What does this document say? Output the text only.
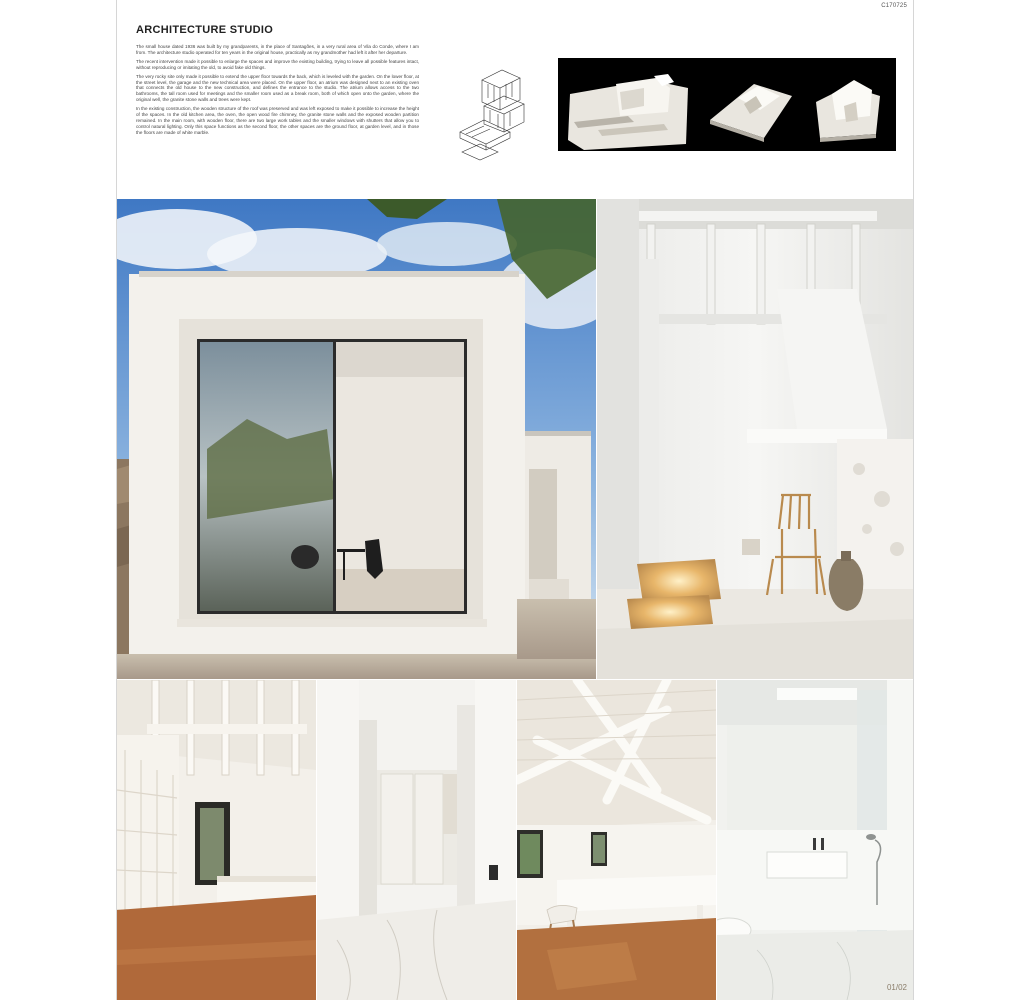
C170725
ARCHITECTURE STUDIO

The small house dated 1936 was built by my grandparents, in the place of Santagões, in a very rural area of Vila do Conde, where I am from. The architecture studio operated for ten years in the original house, practically as my grandmother had left it after her departure.

The recent intervention made it possible to enlarge the spaces and improve the existing building, trying to leave all possible features intact, without reproducing or imitating the old, to avoid fake old things.

The very rocky site only made it possible to extend the upper floor towards the back, which is leveled with the garden. On the lower floor, at the street level, the garage and the new technical area were placed. On the upper floor, an atrium was designed next to an existing oven that connects the old house to the new construction, and defines the entrance to the studio. The atrium allows access to the two bathrooms, the tall room used for meetings and the smaller room used as a break room, both of which open onto the garden, where the original well, the granite stone walls and trees were kept.

In the existing construction, the wooden structure of the roof was preserved and was left exposed to make it possible to increase the height of the spaces. In the old kitchen area, the oven, the open wood fire chimney, the granite stone walls and the exposed wooden partition remained. In the main room, with wooden floor, there are two large work tables and the smaller windows with shutters that allow you to control natural lighting. Only this space functions as the second floor, the other spaces are the ground floor, at garden level, and in those the floors are made of white marble.

01/02
